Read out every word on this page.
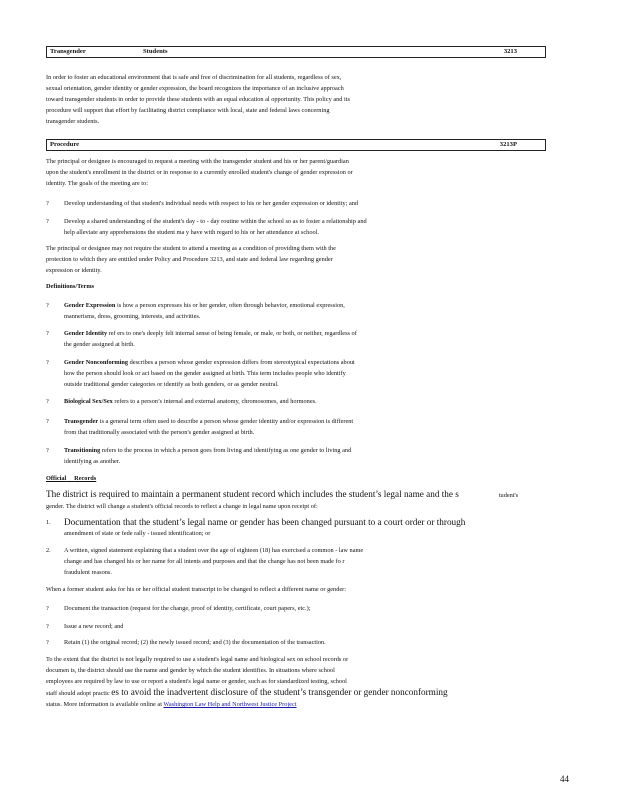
Transgender	Students	3213
In order to foster an educational environment that is safe and free of discrimination for all students, regardless of sex,
sexual orientation, gender identity or gender expression, the board recognizes the importance of an inclusive approach
toward transgender students in order to provide these students with an equal education al opportunity. This policy and its
procedure will support that effort by facilitating district compliance with local, state and federal laws concerning
transgender students.
Procedure	3213P
The principal or designee is encouraged to request a meeting with the transgender student and his or her parent/guardian
upon the student's enrollment in the district or in response to a currently enrolled student's change of gender expression or
identity. The goals of the meeting are to:
? Develop understanding of that student's individual needs with respect to his or her gender expression or identity; and
? Develop a shared understanding of the student's day - to - day routine within the school so as to foster a relationship and
help alleviate any apprehensions the student ma y have with regard to his or her attendance at school.
The principal or designee may not require the student to attend a meeting as a condition of providing them with the
protection to which they are entitled under Policy and Procedure 3213, and state and federal law regarding gender
expression or identity.
Definitions/Terms
? Gender Expression is how a person expresses his or her gender, often through behavior, emotional expression,
mannerisms, dress, grooming, interests, and activities.
? Gender Identity ref ers to one's deeply felt internal sense of being female, or male, or both, or neither, regardless of
the gender assigned at birth.
? Gender Nonconforming describes a person whose gender expression differs from stereotypical expectations about
how the person should look or act based on the gender assigned at birth. This term includes people who identify
outside traditional gender categories or identify as both genders, or as gender neutral.
? Biological Sex/Sex refers to a person’s internal and external anatomy, chromosomes, and hormones.
? Transgender is a general term often used to describe a person whose gender identity and/or expression is different
from that traditionally associated with the person's gender assigned at birth.
? Transitioning refers to the process in which a person goes from living and identifying as one gender to living and
identifying as another.
Official Records
The district is required to maintain a permanent student record which includes the student’s legal name and the s	tudent's
gender. The district will change a student's official records to reflect a change in legal name upon receipt of:
1. Documentation that the student’s legal name or gender has been changed pursuant to a court order or through
amendment of state or fede rally - issued identification; or
2. A written, signed statement explaining that a student over the age of eighteen (18) has exercised a common - law name
change and has changed his or her name for all intents and purposes and that the change has not been made fo r
fraudulent reasons.
When a former student asks for his or her official student transcript to be changed to reflect a different name or gender:
? Document the transaction (request for the change, proof of identity, certificate, court papers, etc.);
? Issue a new record; and
? Retain (1) the original record; (2) the newly issued record; and (3) the documentation of the transaction.
To the extent that the district is not legally required to use a student's legal name and biological sex on school records or
documen ts, the district should use the name and gender by which the student identifies. In situations where school
employees are required by law to use or report a student's legal name or gender, such as for standardized testing, school
staff should adopt practic es to avoid the inadvertent disclosure of the student’s transgender or gender nonconforming
status. More information is available online at Washington Law Help and Northwest Justice Project
44
